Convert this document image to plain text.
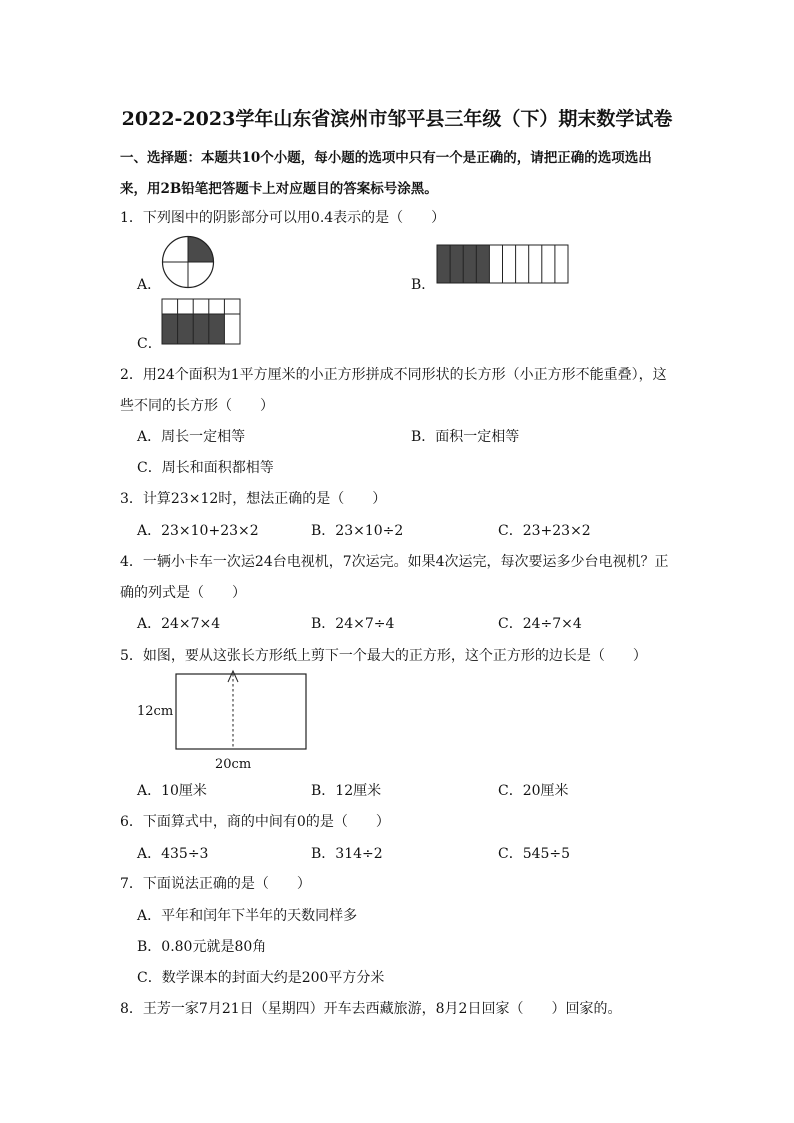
2022-2023学年山东省滨州市邹平县三年级（下）期末数学试卷
一、选择题：本题共10个小题，每小题的选项中只有一个是正确的，请把正确的选项选出
来，用2B铅笔把答题卡上对应题目的答案标号涂黑。
1．下列图中的阴影部分可以用0.4表示的是（　　）
A．	B．
C．
2．用24个面积为1平方厘米的小正方形拼成不同形状的长方形（小正方形不能重叠），这
些不同的长方形（　　）
A．周长一定相等	B．面积一定相等
C．周长和面积都相等
3．计算23×12时，想法正确的是（　　）
A．23×10+23×2	B．23×10÷2	C．23+23×2
4．一辆小卡车一次运24台电视机，7次运完。如果4次运完，每次要运多少台电视机？正
确的列式是（　　）
A．24×7×4	B．24×7÷4	C．24÷7×4
5．如图，要从这张长方形纸上剪下一个最大的正方形，这个正方形的边长是（　　）
12cm
20cm
A．10厘米	B．12厘米	C．20厘米
6．下面算式中，商的中间有0的是（　　）
A．435÷3	B．314÷2	C．545÷5
7．下面说法正确的是（　　）
A．平年和闰年下半年的天数同样多
B．0.80元就是80角
C．数学课本的封面大约是200平方分米
8．王芳一家7月21日（星期四）开车去西藏旅游，8月2日回家（　　）回家的。
